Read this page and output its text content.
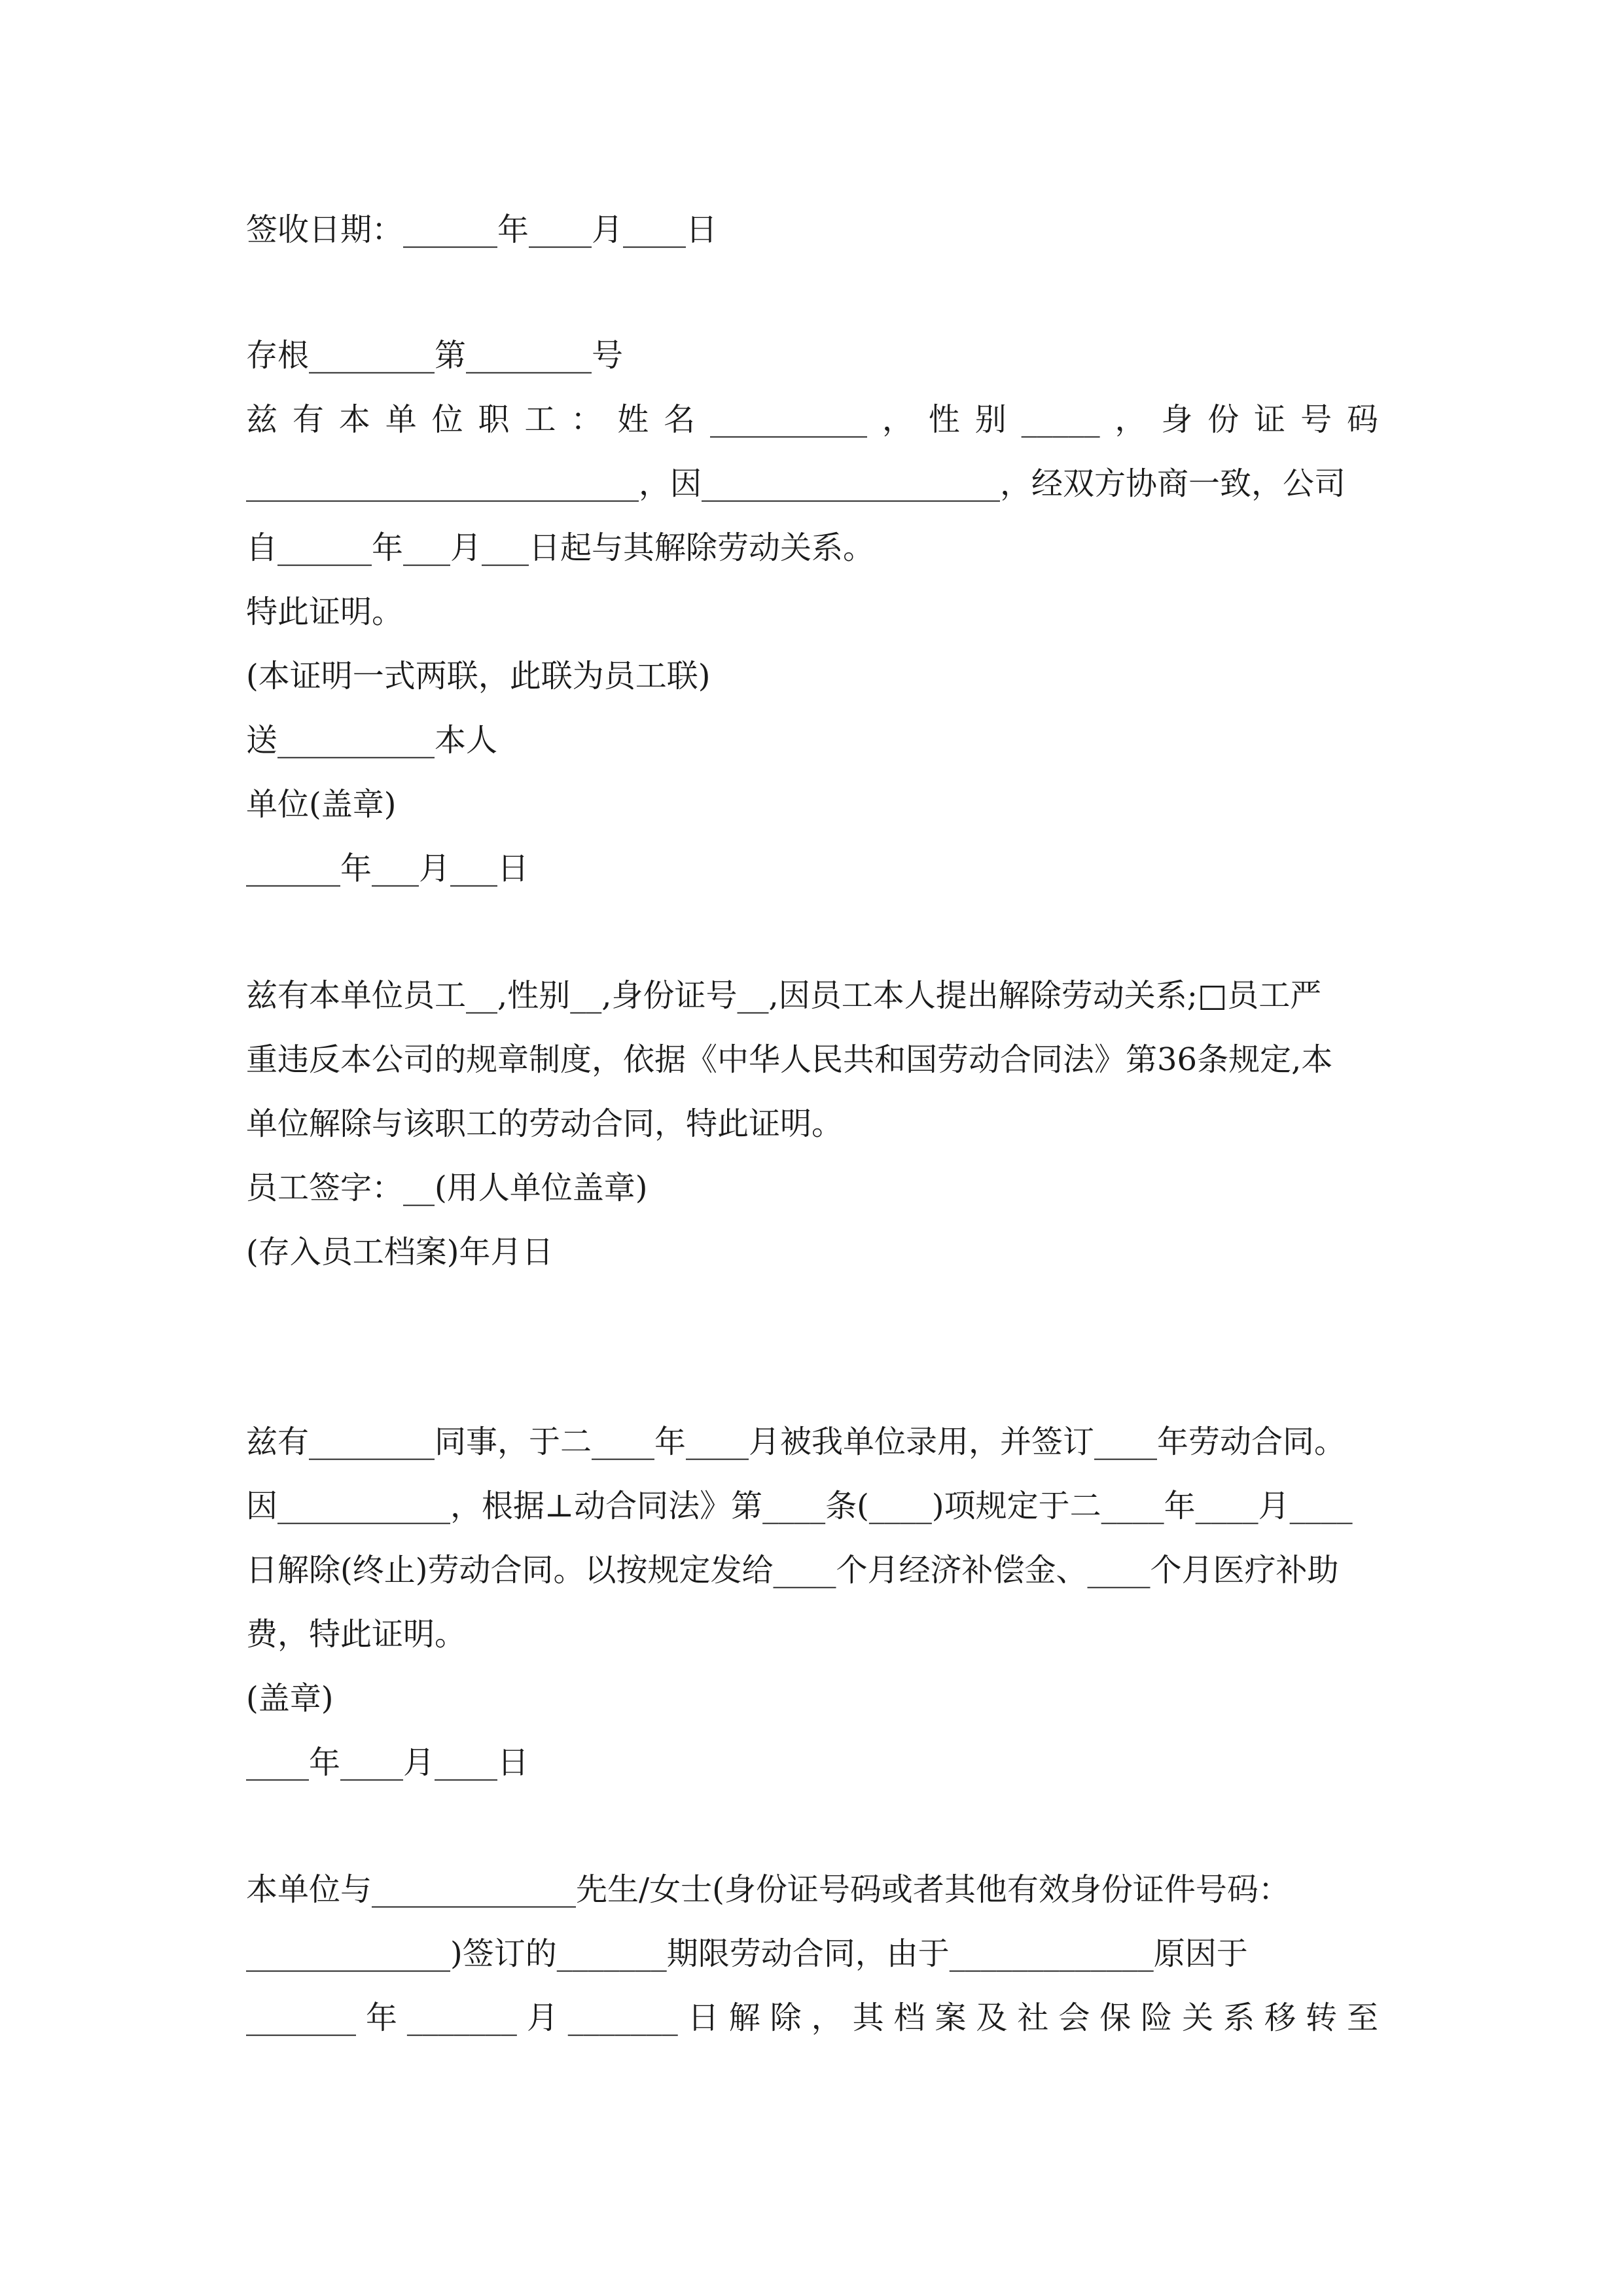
签收日期：______年____月____日
存根________第________号
兹有本单位职工：姓名__________，性别_____，身份证号码
_________________________，因___________________，经双方协商一致，公司
自______年___月___日起与其解除劳动关系。
特此证明。
(本证明一式两联，此联为员工联)
送__________本人
单位(盖章)
______年___月___日
兹有本单位员工__,性别__,身份证号__,因员工本人提出解除劳动关系;□员工严
重违反本公司的规章制度，依据《中华人民共和国劳动合同法》第36条规定,本
单位解除与该职工的劳动合同，特此证明。
员工签字：__(用人单位盖章)
(存入员工档案)年月日
兹有________同事，于二____年____月被我单位录用，并签订____年劳动合同。
因___________，根据⊥动合同法》第____条(____)项规定于二____年____月____
日解除(终止)劳动合同。以按规定发给____个月经济补偿金、____个月医疗补助
费，特此证明。
(盖章)
____年____月____日
本单位与_____________先生/女士(身份证号码或者其他有效身份证件号码：
_____________)签订的_______期限劳动合同，由于_____________原因于
_______年_______月_______日解除，其档案及社会保险关系移转至
